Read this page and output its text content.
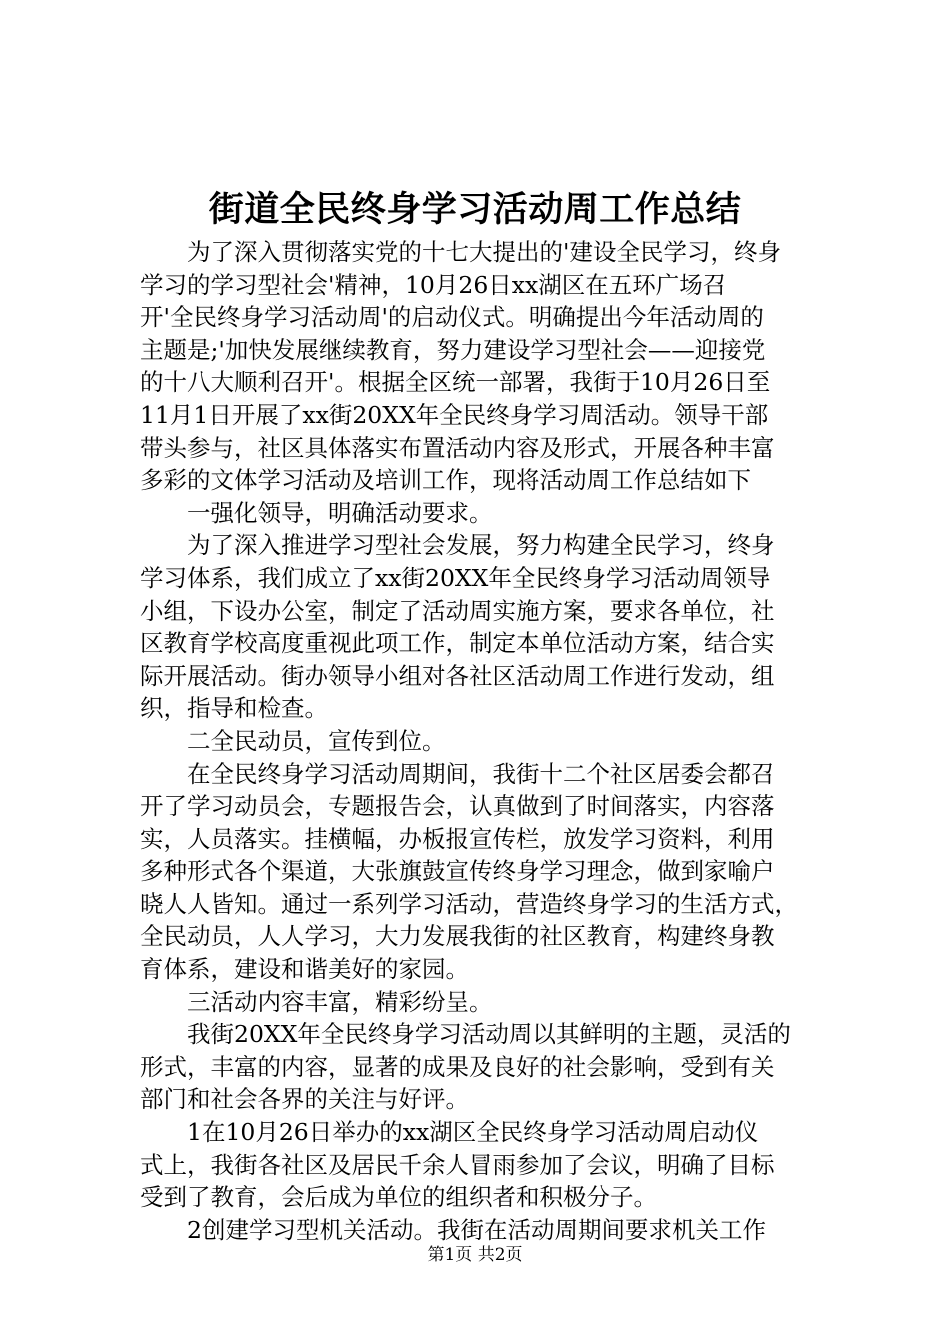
街道全民终身学习活动周工作总结
　　为了深入贯彻落实党的十七大提出的'建设全民学习，终身
学习的学习型社会'精神，10月26日xx湖区在五环广场召
开'全民终身学习活动周'的启动仪式。明确提出今年活动周的
主题是;'加快发展继续教育，努力建设学习型社会——迎接党
的十八大顺利召开'。根据全区统一部署，我街于10月26日至
11月1日开展了xx街20XX年全民终身学习周活动。领导干部
带头参与，社区具体落实布置活动内容及形式，开展各种丰富
多彩的文体学习活动及培训工作，现将活动周工作总结如下
　　一强化领导，明确活动要求。
　　为了深入推进学习型社会发展，努力构建全民学习，终身
学习体系，我们成立了xx街20XX年全民终身学习活动周领导
小组，下设办公室，制定了活动周实施方案，要求各单位，社
区教育学校高度重视此项工作，制定本单位活动方案，结合实
际开展活动。街办领导小组对各社区活动周工作进行发动，组
织，指导和检查。
　　二全民动员，宣传到位。
　　在全民终身学习活动周期间，我街十二个社区居委会都召
开了学习动员会，专题报告会，认真做到了时间落实，内容落
实，人员落实。挂横幅，办板报宣传栏，放发学习资料，利用
多种形式各个渠道，大张旗鼓宣传终身学习理念，做到家喻户
晓人人皆知。通过一系列学习活动，营造终身学习的生活方式，
全民动员，人人学习，大力发展我街的社区教育，构建终身教
育体系，建设和谐美好的家园。
　　三活动内容丰富，精彩纷呈。
　　我街20XX年全民终身学习活动周以其鲜明的主题，灵活的
形式，丰富的内容，显著的成果及良好的社会影响，受到有关
部门和社会各界的关注与好评。
　　1在10月26日举办的xx湖区全民终身学习活动周启动仪
式上，我街各社区及居民千余人冒雨参加了会议，明确了目标
受到了教育，会后成为单位的组织者和积极分子。
　　2创建学习型机关活动。我街在活动周期间要求机关工作
第1页 共2页
